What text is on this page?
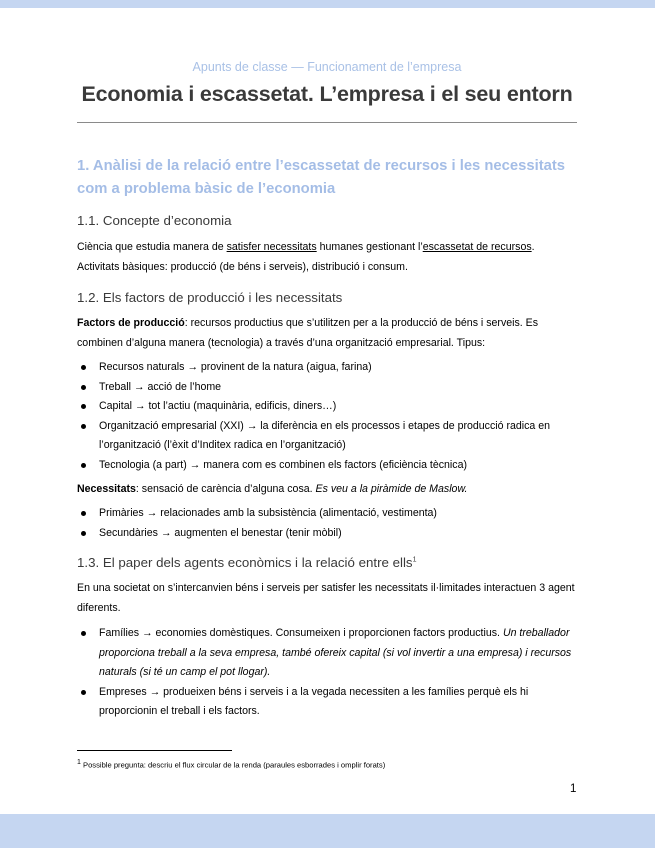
Apunts de classe — Funcionament de l’empresa
Economia i escassetat. L’empresa i el seu entorn
1. Anàlisi de la relació entre l’escassetat de recursos i les necessitats com a problema bàsic de l’economia
1.1. Concepte d’economia
Ciència que estudia manera de satisfer necessitats humanes gestionant l’escassetat de recursos.
Activitats bàsiques: producció (de béns i serveis), distribució i consum.
1.2. Els factors de producció i les necessitats
Factors de producció: recursos productius que s’utilitzen per a la producció de béns i serveis. Es combinen d’alguna manera (tecnologia) a través d’una organització empresarial. Tipus:
Recursos naturals → provinent de la natura (aigua, farina)
Treball → acció de l’home
Capital → tot l’actiu (maquinària, edificis, diners…)
Organització empresarial (XXI) → la diferència en els processos i etapes de producció radica en l’organització (l’èxit d’Inditex radica en l’organització)
Tecnologia (a part) → manera com es combinen els factors (eficiència tècnica)
Necessitats: sensació de carència d’alguna cosa. Es veu a la piràmide de Maslow.
Primàries → relacionades amb la subsistència (alimentació, vestimenta)
Secundàries → augmenten el benestar (tenir mòbil)
1.3. El paper dels agents econòmics i la relació entre ells$^1$
En una societat on s’intercanvien béns i serveis per satisfer les necessitats il·limitades interactuen 3 agent diferents.
Famílies → economies domèstiques. Consumeixen i proporcionen factors productius. Un treballador proporciona treball a la seva empresa, també ofereix capital (si vol invertir a una empresa) i recursos naturals (si té un camp el pot llogar).
Empreses → produeixen béns i serveis i a la vegada necessiten a les famílies perquè els hi proporcionin el treball i els factors.
$^1$ Possible pregunta: descriu el flux circular de la renda (paraules esborrades i omplir forats)
1
